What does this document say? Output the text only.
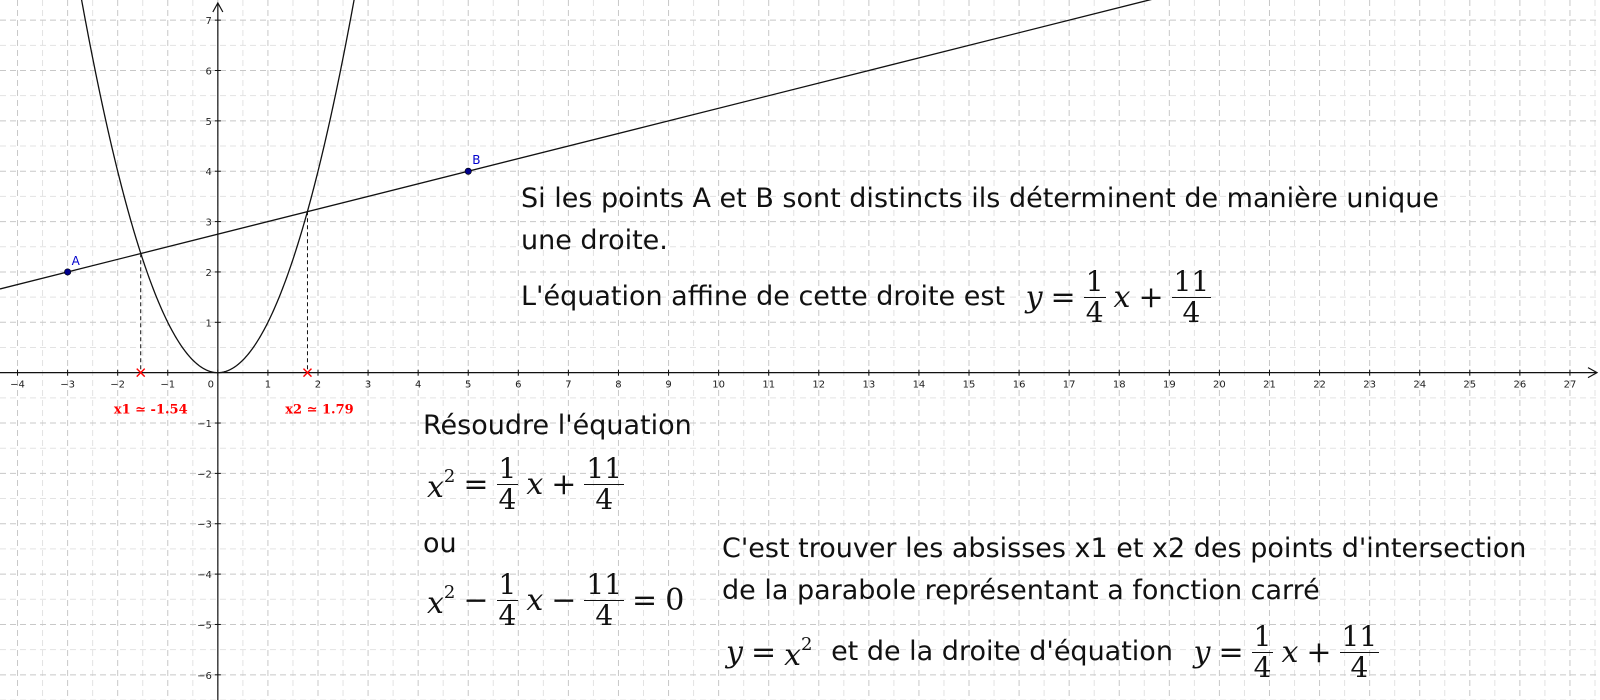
−4	−3	−2	−1	0	1	2	3	4	5	6	7	8	9	10	11	12	13	14	15	16	17	18	19	20	21	22	23	24	25	26	27
−6
−5
−4
−3
−2
−1
1
2
3
4
5
6
7
x1 ≃ -1.54	x2 ≃ 1.79
A
B
Si les points A et B sont distincts ils déterminent de manière unique
une droite.
L'équation affine de cette droite est $y = \frac{1}{4}$ $x + \frac{11}{4}$
Résoudre l'équation
$x^2 = \frac{1}{4}$ $x + \frac{11}{4}$
ou
$x^2 - \frac{1}{4}$ $x - \frac{11}{4} = 0$
C'est trouver les absisses x1 et x2 des points d'intersection
de la parabole représentant a fonction carré
$y = x^2$ et de la droite d'équation $y = \frac{1}{4}$ $x + \frac{11}{4}$
